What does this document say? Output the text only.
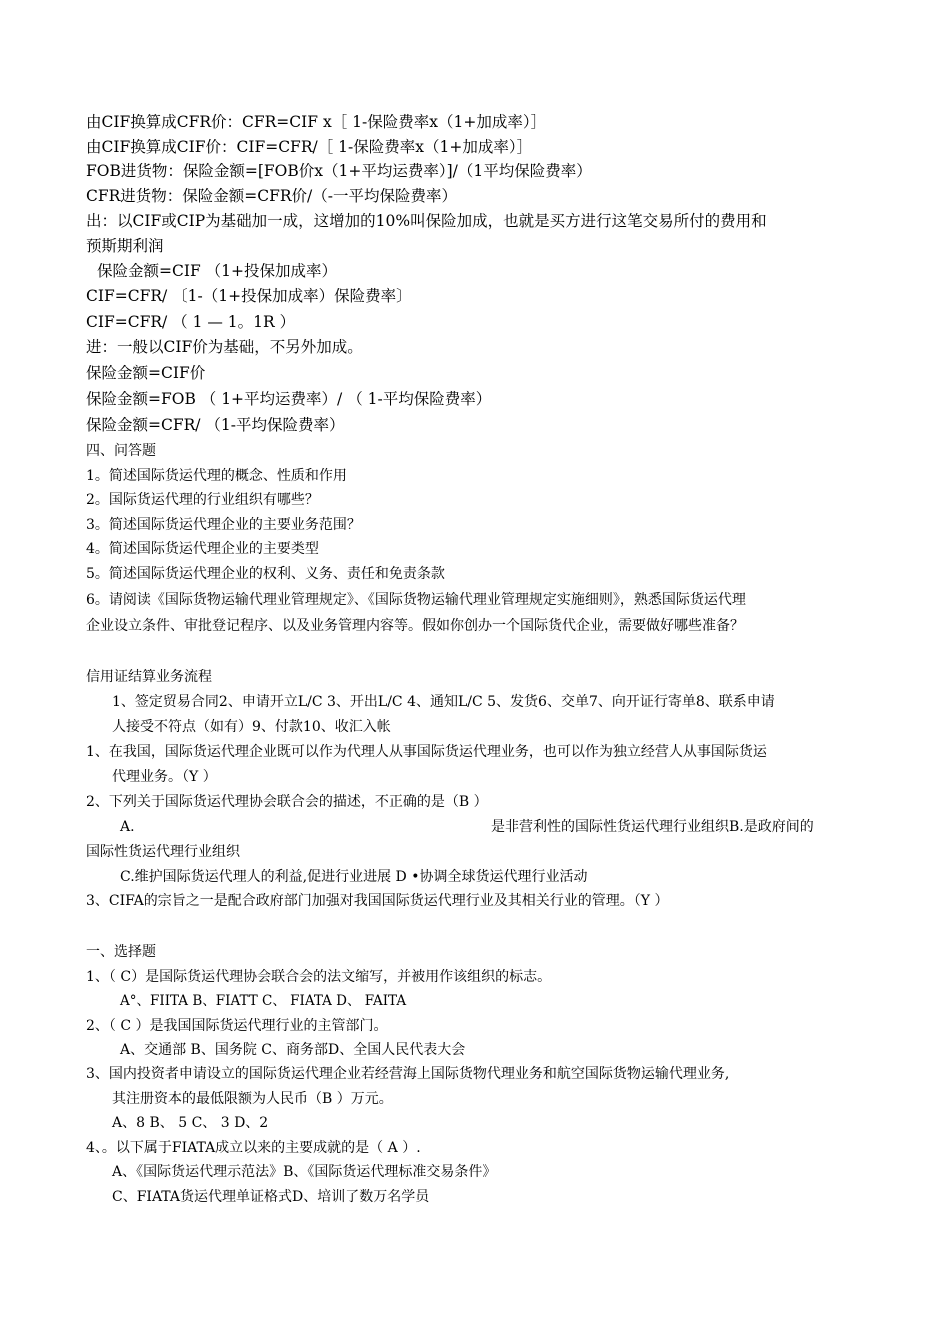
由CIF换算成CFR价：CFR=CIF x［ 1-保险费率x（1+加成率）］
由CIF换算成CIF价：CIF=CFR/［ 1-保险费率x（1+加成率）］
FOB进货物：保险金额=[FOB价x（1+平均运费率）]/（1平均保险费率）
CFR进货物：保险金额=CFR价/（-一平均保险费率）
出：以CIF或CIP为基础加一成，这增加的10%叫保险加成，也就是买方进行这笔交易所付的费用和
预斯期利润
保险金额=CIF （1+投保加成率）
CIF=CFR/ 〔1-（1+投保加成率）保险费率〕
CIF=CFR/ （ 1 — 1。1R ）
进：一般以CIF价为基础，不另外加成。
保险金额=CIF价
保险金额=FOB （ 1+平均运费率）/ （ 1-平均保险费率）
保险金额=CFR/ （1-平均保险费率）
四、问答题
1。简述国际货运代理的概念、性质和作用
2。国际货运代理的行业组织有哪些？
3。简述国际货运代理企业的主要业务范围？
4。简述国际货运代理企业的主要类型
5。简述国际货运代理企业的权利、义务、责任和免责条款
6。请阅读《国际货物运输代理业管理规定》、《国际货物运输代理业管理规定实施细则》，熟悉国际货运代理
企业设立条件、审批登记程序、以及业务管理内容等。假如你创办一个国际货代企业，需要做好哪些准备？
信用证结算业务流程
1、签定贸易合同2、申请开立L/C 3、开出L/C 4、通知L/C 5、发货6、交单7、向开证行寄单8、联系申请
人接受不符点（如有）9、付款10、收汇入帐
1、在我国，国际货运代理企业既可以作为代理人从事国际货运代理业务，也可以作为独立经营人从事国际货运
代理业务。（Y ）
2、下列关于国际货运代理协会联合会的描述，不正确的是（B ）
A.	是非营利性的国际性货运代理行业组织B.是政府间的
国际性货运代理行业组织
C.维护国际货运代理人的利益,促进行业进展 D •协调全球货运代理行业活动
3、CIFA的宗旨之一是配合政府部门加强对我国国际货运代理行业及其相关行业的管理。（Y ）
一、选择题
1、（ C）是国际货运代理协会联合会的法文缩写，并被用作该组织的标志。
A°、FIITA B、FIATT C、 FIATA D、 FAITA
2、（ C ）是我国国际货运代理行业的主管部门。
A、交通部 B、国务院 C、商务部D、全国人民代表大会
3、国内投资者申请设立的国际货运代理企业若经营海上国际货物代理业务和航空国际货物运输代理业务,
其注册资本的最低限额为人民币（B ）万元。
A、8 B、 5 C、 3 D、2
4、。以下属于FIATA成立以来的主要成就的是（ A ）.
A、《国际货运代理示范法》B、《国际货运代理标准交易条件》
C、FIATA货运代理单证格式D、培训了数万名学员
